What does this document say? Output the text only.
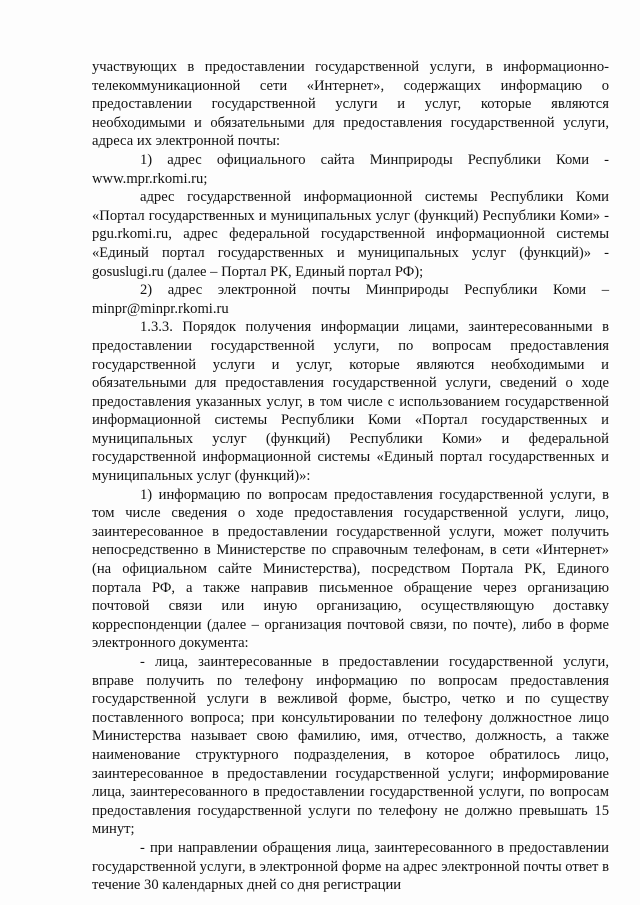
участвующих в предоставлении государственной услуги, в информационно-телекоммуникационной сети «Интернет», содержащих информацию о предоставлении государственной услуги и услуг, которые являются необходимыми и обязательными для предоставления государственной услуги, адреса их электронной почты:

1) адрес официального сайта Минприроды Республики Коми - www.mpr.rkomi.ru;

адрес государственной информационной системы Республики Коми «Портал государственных и муниципальных услуг (функций) Республики Коми» - pgu.rkomi.ru, адрес федеральной государственной информационной системы «Единый портал государственных и муниципальных услуг (функций)» - gosuslugi.ru (далее – Портал РК, Единый портал РФ);

2) адрес электронной почты Минприроды Республики Коми – minpr@minpr.rkomi.ru

1.3.3. Порядок получения информации лицами, заинтересованными в предоставлении государственной услуги, по вопросам предоставления государственной услуги и услуг, которые являются необходимыми и обязательными для предоставления государственной услуги, сведений о ходе предоставления указанных услуг, в том числе с использованием государственной информационной системы Республики Коми «Портал государственных и муниципальных услуг (функций) Республики Коми» и федеральной государственной информационной системы «Единый портал государственных и муниципальных услуг (функций)»:

1) информацию по вопросам предоставления государственной услуги, в том числе сведения о ходе предоставления государственной услуги, лицо, заинтересованное в предоставлении государственной услуги, может получить непосредственно в Министерстве по справочным телефонам, в сети «Интернет» (на официальном сайте Министерства), посредством Портала РК, Единого портала РФ, а также направив письменное обращение через организацию почтовой связи или иную организацию, осуществляющую доставку корреспонденции (далее – организация почтовой связи, по почте), либо в форме электронного документа:

- лица, заинтересованные в предоставлении государственной услуги, вправе получить по телефону информацию по вопросам предоставления государственной услуги в вежливой форме, быстро, четко и по существу поставленного вопроса; при консультировании по телефону должностное лицо Министерства называет свою фамилию, имя, отчество, должность, а также наименование структурного подразделения, в которое обратилось лицо, заинтересованное в предоставлении государственной услуги; информирование лица, заинтересованного в предоставлении государственной услуги, по вопросам предоставления государственной услуги по телефону не должно превышать 15 минут;

- при направлении обращения лица, заинтересованного в предоставлении государственной услуги, в электронной форме на адрес электронной почты ответ в течение 30 календарных дней со дня регистрации
